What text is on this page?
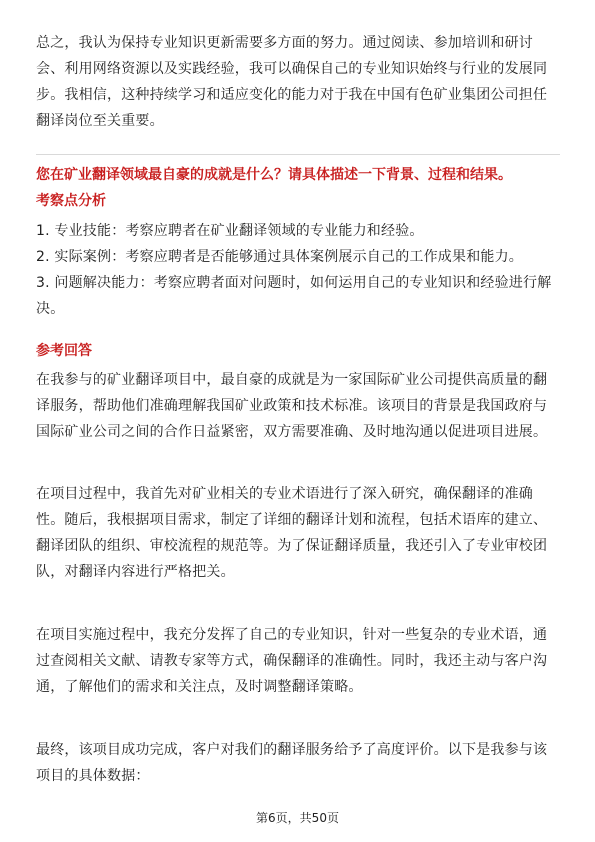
总之，我认为保持专业知识更新需要多方面的努力。通过阅读、参加培训和研讨会、利用网络资源以及实践经验，我可以确保自己的专业知识始终与行业的发展同步。我相信，这种持续学习和适应变化的能力对于我在中国有色矿业集团公司担任翻译岗位至关重要。

您在矿业翻译领域最自豪的成就是什么？请具体描述一下背景、过程和结果。

考察点分析

1. 专业技能：考察应聘者在矿业翻译领域的专业能力和经验。

2. 实际案例：考察应聘者是否能够通过具体案例展示自己的工作成果和能力。

3. 问题解决能力：考察应聘者面对问题时，如何运用自己的专业知识和经验进行解决。

参考回答

在我参与的矿业翻译项目中，最自豪的成就是为一家国际矿业公司提供高质量的翻译服务，帮助他们准确理解我国矿业政策和技术标准。该项目的背景是我国政府与国际矿业公司之间的合作日益紧密，双方需要准确、及时地沟通以促进项目进展。

在项目过程中，我首先对矿业相关的专业术语进行了深入研究，确保翻译的准确性。随后，我根据项目需求，制定了详细的翻译计划和流程，包括术语库的建立、翻译团队的组织、审校流程的规范等。为了保证翻译质量，我还引入了专业审校团队，对翻译内容进行严格把关。

在项目实施过程中，我充分发挥了自己的专业知识，针对一些复杂的专业术语，通过查阅相关文献、请教专家等方式，确保翻译的准确性。同时，我还主动与客户沟通，了解他们的需求和关注点，及时调整翻译策略。

最终，该项目成功完成，客户对我们的翻译服务给予了高度评价。以下是我参与该项目的具体数据：

第6页，共50页
